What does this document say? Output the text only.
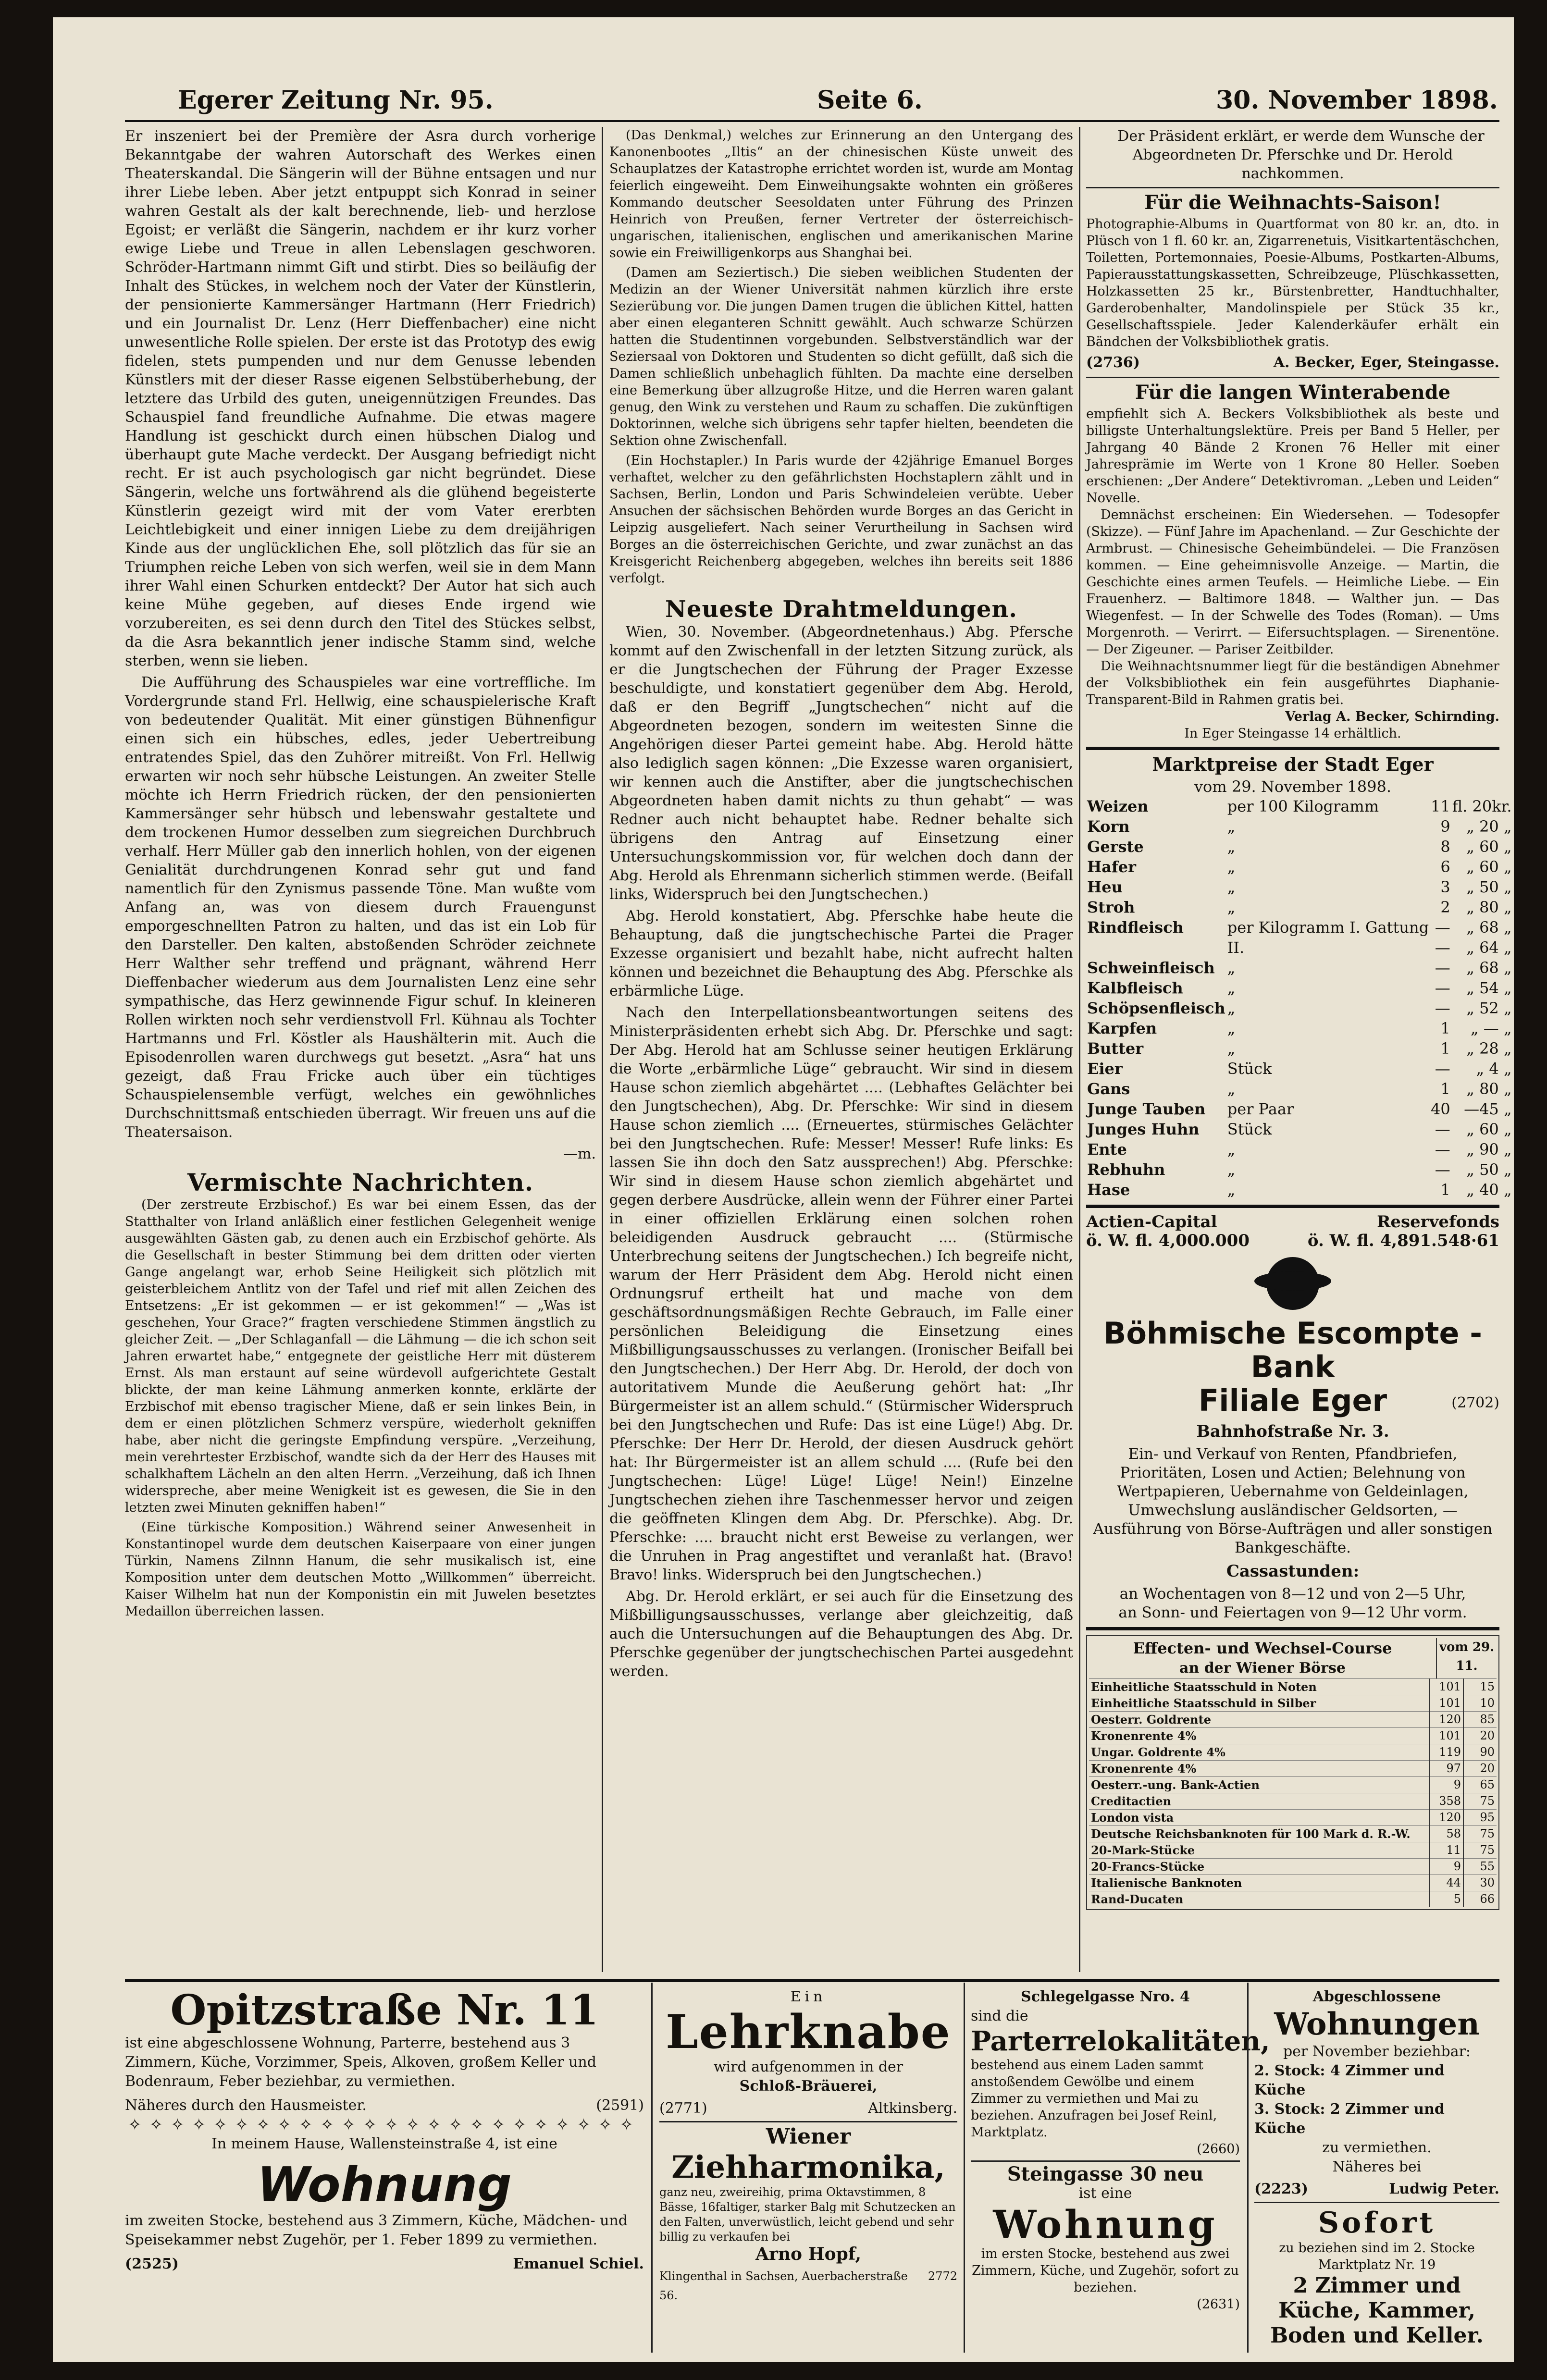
Egerer Zeitung Nr. 95.	Seite 6.	30. November 1898.

Er inszeniert bei der Première der Asra durch vorherige Bekanntgabe der wahren Autorschaft des Werkes einen Theaterskandal. Die Sängerin will der Bühne entsagen und nur ihrer Liebe leben. Aber jetzt entpuppt sich Konrad in seiner wahren Gestalt als der kalt berechnende, lieb- und herzlose Egoist; er verläßt die Sängerin, nachdem er ihr kurz vorher ewige Liebe und Treue in allen Lebenslagen geschworen. Schröder-Hartmann nimmt Gift und stirbt. Dies so beiläufig der Inhalt des Stückes, in welchem noch der Vater der Künstlerin, der pensionierte Kammersänger Hartmann (Herr Friedrich) und ein Journalist Dr. Lenz (Herr Dieffenbacher) eine nicht unwesentliche Rolle spielen. Der erste ist das Prototyp des ewig fidelen, stets pumpenden und nur dem Genusse lebenden Künstlers mit der dieser Rasse eigenen Selbstüberhebung, der letztere das Urbild des guten, uneigennützigen Freundes. Das Schauspiel fand freundliche Aufnahme. Die etwas magere Handlung ist geschickt durch einen hübschen Dialog und überhaupt gute Mache verdeckt. Der Ausgang befriedigt nicht recht. Er ist auch psychologisch gar nicht begründet. Diese Sängerin, welche uns fortwährend als die glühend begeisterte Künstlerin gezeigt wird mit der vom Vater ererbten Leichtlebigkeit und einer innigen Liebe zu dem dreijährigen Kinde aus der unglücklichen Ehe, soll plötzlich das für sie an Triumphen reiche Leben von sich werfen, weil sie in dem Mann ihrer Wahl einen Schurken entdeckt? Der Autor hat sich auch keine Mühe gegeben, auf dieses Ende irgend wie vorzubereiten, es sei denn durch den Titel des Stückes selbst, da die Asra bekanntlich jener indische Stamm sind, welche sterben, wenn sie lieben.

Die Aufführung des Schauspieles war eine vortreffliche. Im Vordergrunde stand Frl. Hellwig, eine schauspielerische Kraft von bedeutender Qualität. Mit einer günstigen Bühnenfigur einen sich ein hübsches, edles, jeder Uebertreibung entratendes Spiel, das den Zuhörer mitreißt. Von Frl. Hellwig erwarten wir noch sehr hübsche Leistungen. An zweiter Stelle möchte ich Herrn Friedrich rücken, der den pensionierten Kammersänger sehr hübsch und lebenswahr gestaltete und dem trockenen Humor desselben zum siegreichen Durchbruch verhalf. Herr Müller gab den innerlich hohlen, von der eigenen Genialität durchdrungenen Konrad sehr gut und fand namentlich für den Zynismus passende Töne. Man wußte vom Anfang an, was von diesem durch Frauengunst emporgeschnellten Patron zu halten, und das ist ein Lob für den Darsteller. Den kalten, abstoßenden Schröder zeichnete Herr Walther sehr treffend und prägnant, während Herr Dieffenbacher wiederum aus dem Journalisten Lenz eine sehr sympathische, das Herz gewinnende Figur schuf. In kleineren Rollen wirkten noch sehr verdienstvoll Frl. Kühnau als Tochter Hartmanns und Frl. Köstler als Haushälterin mit. Auch die Episodenrollen waren durchwegs gut besetzt. „Asra“ hat uns gezeigt, daß Frau Fricke auch über ein tüchtiges Schauspielensemble verfügt, welches ein gewöhnliches Durchschnittsmaß entschieden überragt. Wir freuen uns auf die Theatersaison.

—m.
Vermischte Nachrichten.

(Der zerstreute Erzbischof.) Es war bei einem Essen, das der Statthalter von Irland anläßlich einer festlichen Gelegenheit wenige ausgewählten Gästen gab, zu denen auch ein Erzbischof gehörte. Als die Gesellschaft in bester Stimmung bei dem dritten oder vierten Gange angelangt war, erhob Seine Heiligkeit sich plötzlich mit geisterbleichem Antlitz von der Tafel und rief mit allen Zeichen des Entsetzens: „Er ist gekommen — er ist gekommen!“ — „Was ist geschehen, Your Grace?“ fragten verschiedene Stimmen ängstlich zu gleicher Zeit. — „Der Schlaganfall — die Lähmung — die ich schon seit Jahren erwartet habe,“ entgegnete der geistliche Herr mit düsterem Ernst. Als man erstaunt auf seine würdevoll aufgerichtete Gestalt blickte, der man keine Lähmung anmerken konnte, erklärte der Erzbischof mit ebenso tragischer Miene, daß er sein linkes Bein, in dem er einen plötzlichen Schmerz verspüre, wiederholt gekniffen habe, aber nicht die geringste Empfindung verspüre. „Verzeihung, mein verehrtester Erzbischof, wandte sich da der Herr des Hauses mit schalkhaftem Lächeln an den alten Herrn. „Verzeihung, daß ich Ihnen widerspreche, aber meine Wenigkeit ist es gewesen, die Sie in den letzten zwei Minuten gekniffen haben!“

(Eine türkische Komposition.) Während seiner Anwesenheit in Konstantinopel wurde dem deutschen Kaiserpaare von einer jungen Türkin, Namens Zilnnn Hanum, die sehr musikalisch ist, eine Komposition unter dem deutschen Motto „Willkommen“ überreicht. Kaiser Wilhelm hat nun der Komponistin ein mit Juwelen besetztes Medaillon überreichen lassen.

(Das Denkmal,) welches zur Erinnerung an den Untergang des Kanonenbootes „Iltis“ an der chinesischen Küste unweit des Schauplatzes der Katastrophe errichtet worden ist, wurde am Montag feierlich eingeweiht. Dem Einweihungsakte wohnten ein größeres Kommando deutscher Seesoldaten unter Führung des Prinzen Heinrich von Preußen, ferner Vertreter der österreichisch-ungarischen, italienischen, englischen und amerikanischen Marine sowie ein Freiwilligenkorps aus Shanghai bei.

(Damen am Seziertisch.) Die sieben weiblichen Studenten der Medizin an der Wiener Universität nahmen kürzlich ihre erste Sezierübung vor. Die jungen Damen trugen die üblichen Kittel, hatten aber einen eleganteren Schnitt gewählt. Auch schwarze Schürzen hatten die Studentinnen vorgebunden. Selbstverständlich war der Seziersaal von Doktoren und Studenten so dicht gefüllt, daß sich die Damen schließlich unbehaglich fühlten. Da machte eine derselben eine Bemerkung über allzugroße Hitze, und die Herren waren galant genug, den Wink zu verstehen und Raum zu schaffen. Die zukünftigen Doktorinnen, welche sich übrigens sehr tapfer hielten, beendeten die Sektion ohne Zwischenfall.

(Ein Hochstapler.) In Paris wurde der 42jährige Emanuel Borges verhaftet, welcher zu den gefährlichsten Hochstaplern zählt und in Sachsen, Berlin, London und Paris Schwindeleien verübte. Ueber Ansuchen der sächsischen Behörden wurde Borges an das Gericht in Leipzig ausgeliefert. Nach seiner Verurtheilung in Sachsen wird Borges an die österreichischen Gerichte, und zwar zunächst an das Kreisgericht Reichenberg abgegeben, welches ihn bereits seit 1886 verfolgt.

Neueste Drahtmeldungen.

Wien, 30. November. (Abgeordnetenhaus.) Abg. Pfersche kommt auf den Zwischenfall in der letzten Sitzung zurück, als er die Jungtschechen der Führung der Prager Exzesse beschuldigte, und konstatiert gegenüber dem Abg. Herold, daß er den Begriff „Jungtschechen“ nicht auf die Abgeordneten bezogen, sondern im weitesten Sinne die Angehörigen dieser Partei gemeint habe. Abg. Herold hätte also lediglich sagen können: „Die Exzesse waren organisiert, wir kennen auch die Anstifter, aber die jungtschechischen Abgeordneten haben damit nichts zu thun gehabt“ — was Redner auch nicht behauptet habe. Redner behalte sich übrigens den Antrag auf Einsetzung einer Untersuchungskommission vor, für welchen doch dann der Abg. Herold als Ehrenmann sicherlich stimmen werde. (Beifall links, Widerspruch bei den Jungtschechen.)

Abg. Herold konstatiert, Abg. Pferschke habe heute die Behauptung, daß die jungtschechische Partei die Prager Exzesse organisiert und bezahlt habe, nicht aufrecht halten können und bezeichnet die Behauptung des Abg. Pferschke als erbärmliche Lüge.

Nach den Interpellationsbeantwortungen seitens des Ministerpräsidenten erhebt sich Abg. Dr. Pferschke und sagt: Der Abg. Herold hat am Schlusse seiner heutigen Erklärung die Worte „erbärmliche Lüge“ gebraucht. Wir sind in diesem Hause schon ziemlich abgehärtet .... (Lebhaftes Gelächter bei den Jungtschechen), Abg. Dr. Pferschke: Wir sind in diesem Hause schon ziemlich .... (Erneuertes, stürmisches Gelächter bei den Jungtschechen. Rufe: Messer! Messer! Rufe links: Es lassen Sie ihn doch den Satz aussprechen!) Abg. Pferschke: Wir sind in diesem Hause schon ziemlich abgehärtet und gegen derbere Ausdrücke, allein wenn der Führer einer Partei in einer offiziellen Erklärung einen solchen rohen beleidigenden Ausdruck gebraucht .... (Stürmische Unterbrechung seitens der Jungtschechen.) Ich begreife nicht, warum der Herr Präsident dem Abg. Herold nicht einen Ordnungsruf ertheilt hat und mache von dem geschäftsordnungsmäßigen Rechte Gebrauch, im Falle einer persönlichen Beleidigung die Einsetzung eines Mißbilligungsausschusses zu verlangen. (Ironischer Beifall bei den Jungtschechen.) Der Herr Abg. Dr. Herold, der doch von autoritativem Munde die Aeußerung gehört hat: „Ihr Bürgermeister ist an allem schuld.“ (Stürmischer Widerspruch bei den Jungtschechen und Rufe: Das ist eine Lüge!) Abg. Dr. Pferschke: Der Herr Dr. Herold, der diesen Ausdruck gehört hat: Ihr Bürgermeister ist an allem schuld .... (Rufe bei den Jungtschechen: Lüge! Lüge! Lüge! Nein!) Einzelne Jungtschechen ziehen ihre Taschenmesser hervor und zeigen die geöffneten Klingen dem Abg. Dr. Pferschke). Abg. Dr. Pferschke: .... braucht nicht erst Beweise zu verlangen, wer die Unruhen in Prag angestiftet und veranlaßt hat. (Bravo! Bravo! links. Widerspruch bei den Jungtschechen.)

Abg. Dr. Herold erklärt, er sei auch für die Einsetzung des Mißbilligungsausschusses, verlange aber gleichzeitig, daß auch die Untersuchungen auf die Behauptungen des Abg. Dr. Pferschke gegenüber der jungtschechischen Partei ausgedehnt werden.

Der Präsident erklärt, er werde dem Wunsche der Abgeordneten Dr. Pferschke und Dr. Herold nachkommen.

Für die Weihnachts-Saison!
Photographie-Albums in Quartformat von 80 kr. an, dto. in Plüsch von 1 fl. 60 kr. an, Zigarrenetuis, Visitkartentäschchen, Toiletten, Portemonnaies, Poesie-Albums, Postkarten-Albums, Papierausstattungskassetten, Schreibzeuge, Plüschkassetten, Holzkassetten 25 kr., Bürstenbretter, Handtuchhalter, Garderobenhalter, Mandolinspiele per Stück 35 kr., Gesellschaftsspiele. Jeder Kalenderkäufer erhält ein Bändchen der Volksbibliothek gratis.
(2736)	A. Becker, Eger, Steingasse.
Für die langen Winterabende
empfiehlt sich A. Beckers Volksbibliothek als beste und billigste Unterhaltungslektüre. Preis per Band 5 Heller, per Jahrgang 40 Bände 2 Kronen 76 Heller mit einer Jahresprämie im Werte von 1 Krone 80 Heller. Soeben erschienen: „Der Andere“ Detektivroman. „Leben und Leiden“ Novelle.
Demnächst erscheinen: Ein Wiedersehen. — Todesopfer (Skizze). — Fünf Jahre im Apachenland. — Zur Geschichte der Armbrust. — Chinesische Geheimbündelei. — Die Französen kommen. — Eine geheimnisvolle Anzeige. — Martin, die Geschichte eines armen Teufels. — Heimliche Liebe. — Ein Frauenherz. — Baltimore 1848. — Walther jun. — Das Wiegenfest. — In der Schwelle des Todes (Roman). — Ums Morgenroth. — Verirrt. — Eifersuchtsplagen. — Sirenentöne. — Der Zigeuner. — Pariser Zeitbilder.
Die Weihnachtsnummer liegt für die beständigen Abnehmer der Volksbibliothek ein fein ausgeführtes Diaphanie-Transparent-Bild in Rahmen gratis bei.
Verlag A. Becker, Schirnding.
In Eger Steingasse 14 erhältlich.
Marktpreise der Stadt Eger
vom 29. November 1898.
Weizen	per 100 Kilogramm	11	fl. 20kr.
Korn	„	9	„ 20 „
Gerste	„	8	„ 60 „
Hafer	„	6	„ 60 „
Heu	„	3	„ 50 „
Stroh	„	2	„ 80 „
Rindfleisch	per Kilogramm I. Gattung	—	„ 68 „
	II.	—	„ 64 „
Schweinfleisch	„	—	„ 68 „
Kalbfleisch	„	—	„ 54 „
Schöpsenfleisch	„	—	„ 52 „
Karpfen	„	1	„ — „
Butter	„	1	„ 28 „
Eier	Stück	—	„ 4 „
Gans	„	1	„ 80 „
Junge Tauben	per Paar	40	—45 „
Junges Huhn	Stück	—	„ 60 „
Ente	„	—	„ 90 „
Rebhuhn	„	—	„ 50 „
Hase	„	1	„ 40 „
Actien-Capital	Reservefonds
ö. W. fl. 4,000.000	ö. W. fl. 4,891.548·61
Böhmische Escompte - Bank
Filiale Eger	(2702)
Bahnhofstraße Nr. 3.
Ein- und Verkauf von Renten, Pfandbriefen, Prioritäten, Losen und Actien; Belehnung von Wertpapieren, Uebernahme von Geldeinlagen, Umwechslung ausländischer Geldsorten, — Ausführung von Börse-Aufträgen und aller sonstigen Bankgeschäfte.
Cassastunden:
an Wochentagen von 8—12 und von 2—5 Uhr,
an Sonn- und Feiertagen von 9—12 Uhr vorm.
Effecten- und Wechsel-Course
an der Wiener Börse
vom 29. 11.
Einheitliche Staatsschuld in Noten	101	15
Einheitliche Staatsschuld in Silber	101	10
Oesterr. Goldrente	120	85
Kronenrente 4%	101	20
Ungar. Goldrente 4%	119	90
Kronenrente 4%	97	20
Oesterr.-ung. Bank-Actien	9	65
Creditactien	358	75
London vista	120	95
Deutsche Reichsbanknoten für 100 Mark d. R.-W.	58	75
20-Mark-Stücke	11	75
20-Francs-Stücke	9	55
Italienische Banknoten	44	30
Rand-Ducaten	5	66
Opitzstraße Nr. 11
ist eine abgeschlossene Wohnung, Parterre, bestehend aus 3 Zimmern, Küche, Vorzimmer, Speis, Alkoven, großem Keller und Bodenraum, Feber beziehbar, zu vermiethen.
Näheres durch den Hausmeister.	(2591)
✧✧✧✧✧✧✧✧✧✧✧✧✧✧✧✧✧✧✧✧✧✧✧✧
In meinem Hause, Wallensteinstraße 4, ist eine
Wohnung
im zweiten Stocke, bestehend aus 3 Zimmern, Küche, Mädchen- und Speisekammer nebst Zugehör, per 1. Feber 1899 zu vermiethen.
(2525)	Emanuel Schiel.
Ein
Lehrknabe
wird aufgenommen in der
Schloß-Bräuerei,
(2771)	Altkinsberg.
Wiener
Ziehharmonika,
ganz neu, zweireihig, prima Oktavstimmen, 8 Bässe, 16faltiger, starker Balg mit Schutzecken an den Falten, unverwüstlich, leicht gebend und sehr billig zu verkaufen bei
Arno Hopf,
Klingenthal in Sachsen, Auerbacherstraße 56.
2772
Schlegelgasse Nro. 4
sind die
Parterrelokalitäten,
bestehend aus einem Laden sammt anstoßendem Gewölbe und einem Zimmer zu vermiethen und Mai zu beziehen. Anzufragen bei Josef Reinl, Marktplatz.
(2660)
Steingasse 30 neu
ist eine
Wohnung
im ersten Stocke, bestehend aus zwei Zimmern, Küche, und Zugehör, sofort zu beziehen.
(2631)
Abgeschlossene
Wohnungen
per November beziehbar:
2. Stock: 4 Zimmer und Küche
3. Stock: 2 Zimmer und Küche
zu vermiethen.
Näheres bei
(2223)	Ludwig Peter.
Sofort
zu beziehen sind im 2. Stocke Marktplatz Nr. 19
2 Zimmer und Küche, Kammer, Boden und Keller.
